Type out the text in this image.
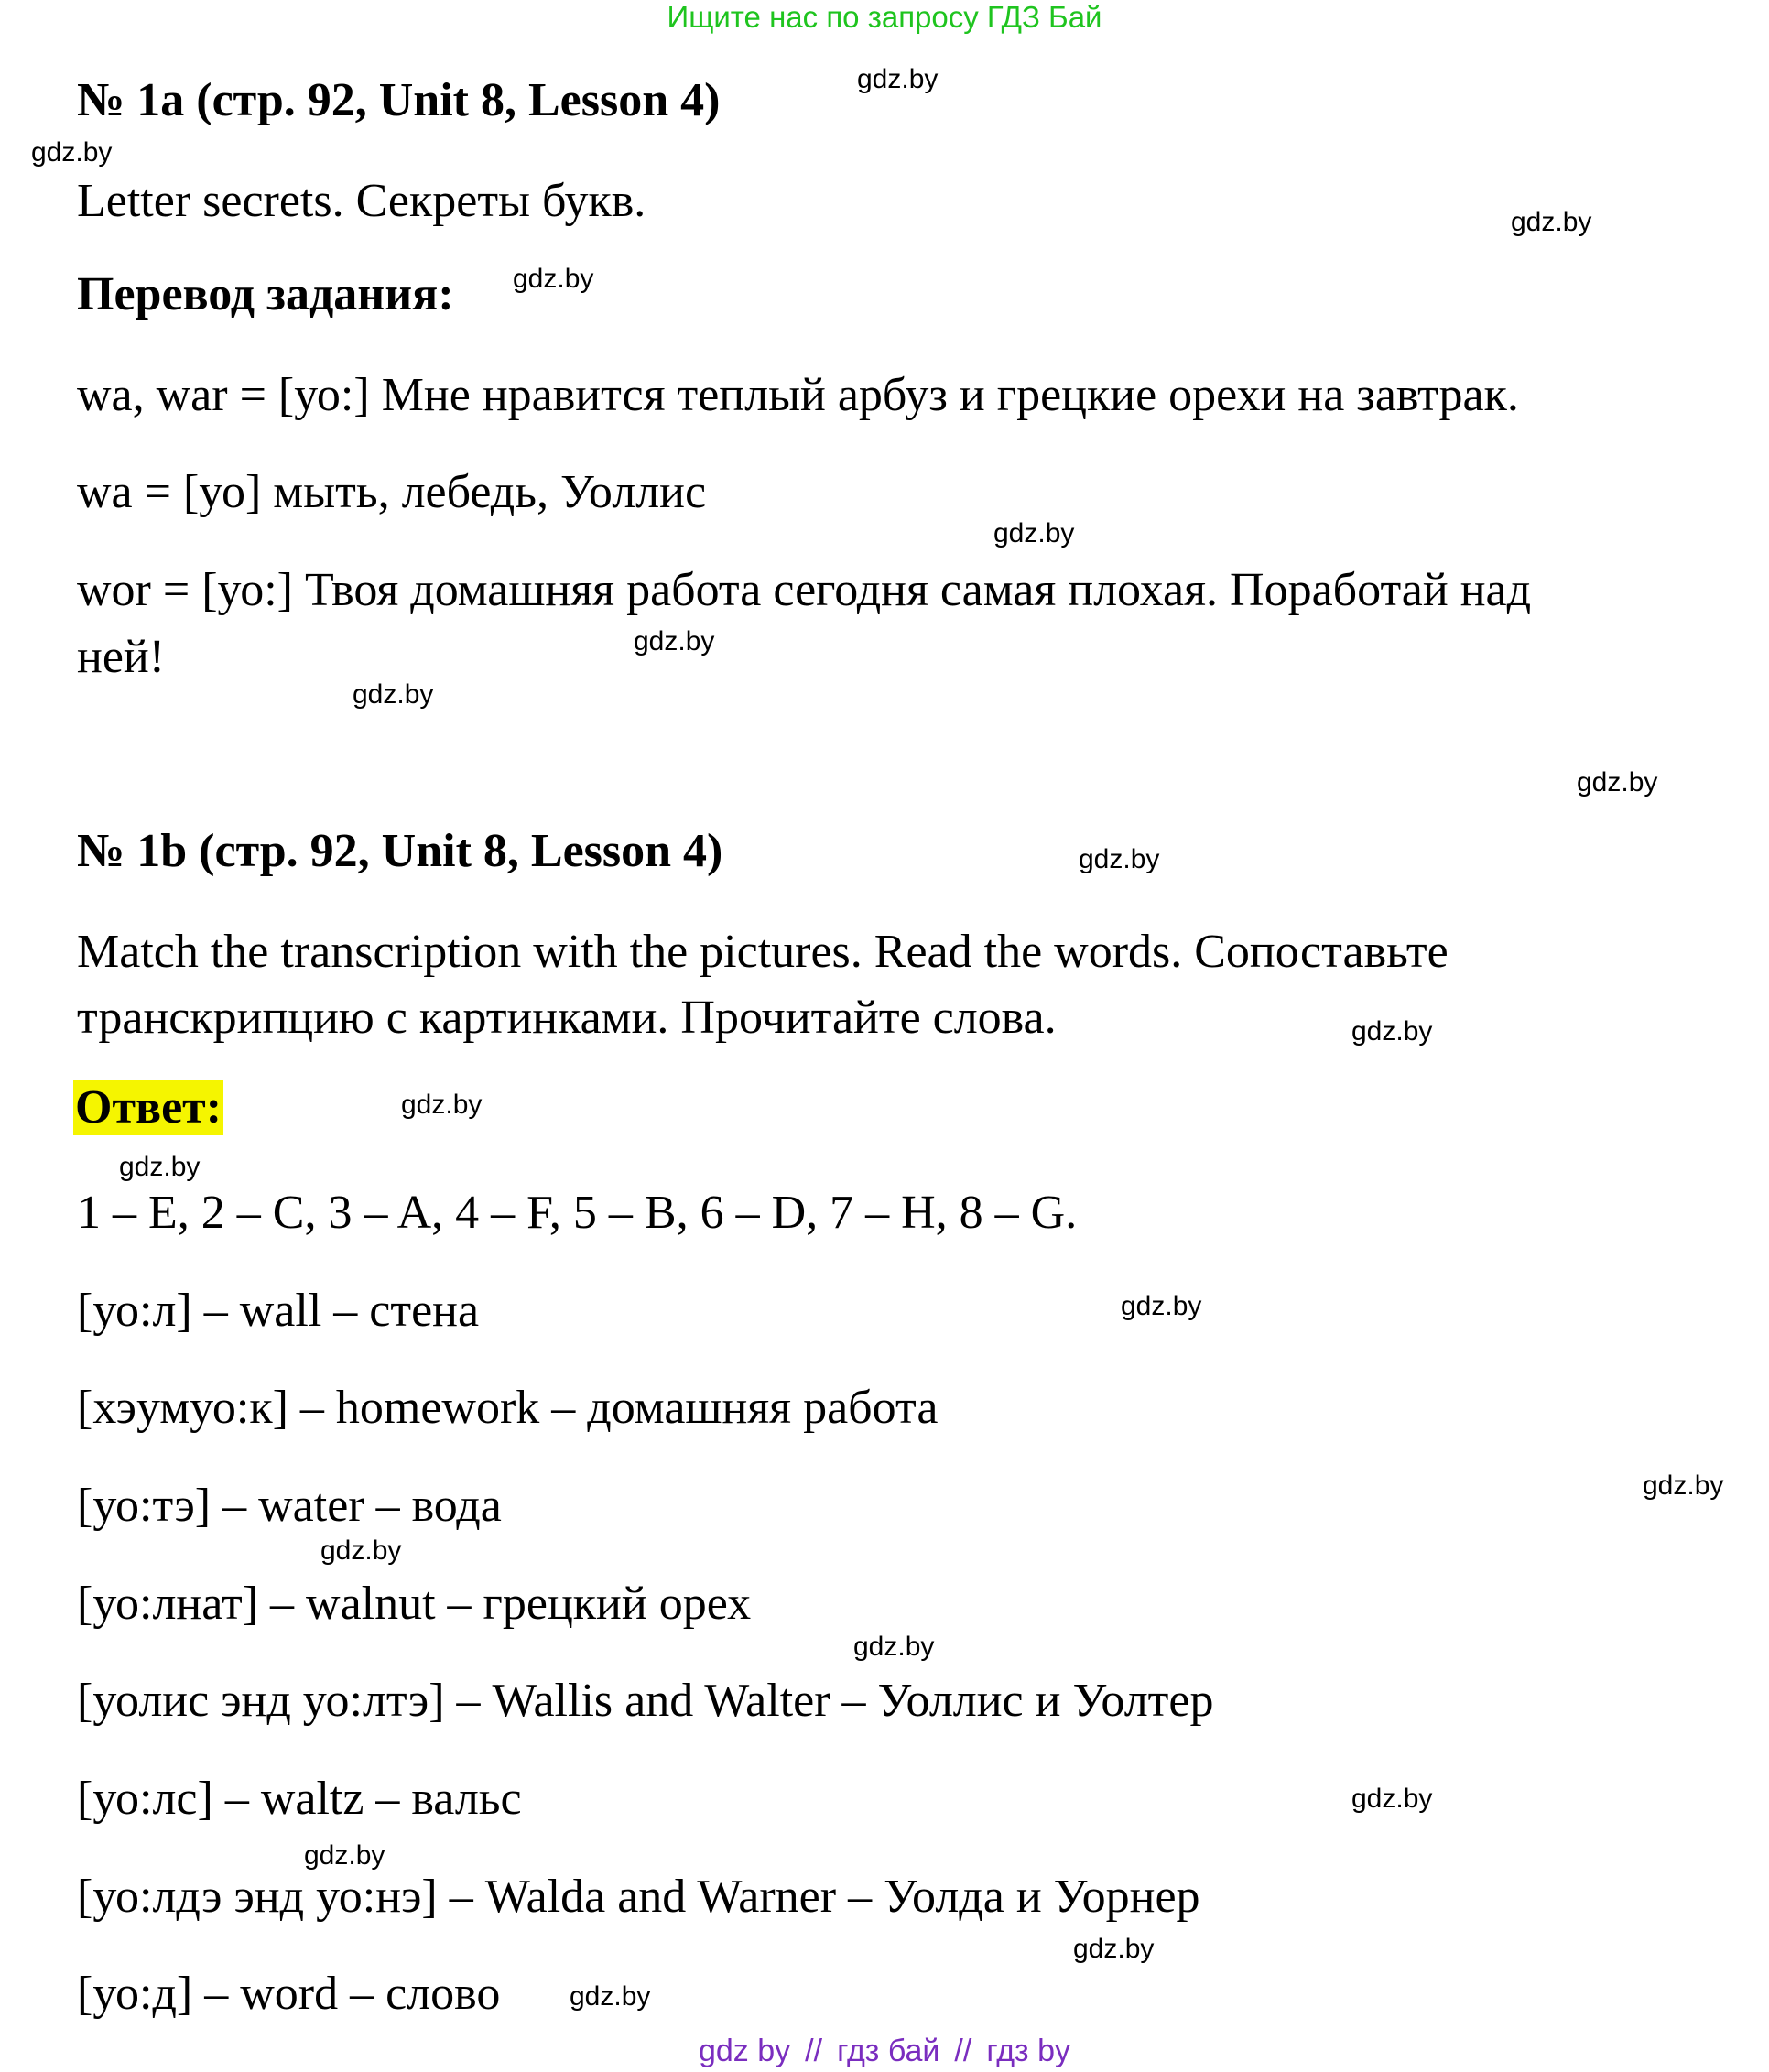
Ищите нас по запросу ГДЗ Бай
№ 1a (стр. 92, Unit 8, Lesson 4)
Letter secrets. Секреты букв.
Перевод задания:
wa, war = [уо:] Мне нравится теплый арбуз и грецкие орехи на завтрак.
wa = [уо] мыть, лебедь, Уоллис
wor = [уо:] Твоя домашняя работа сегодня самая плохая. Поработай над
ней!
№ 1b (стр. 92, Unit 8, Lesson 4)
Match the transcription with the pictures. Read the words. Сопоставьте
транскрипцию с картинками. Прочитайте слова.
Ответ:
1 – E, 2 – C, 3 – A, 4 – F, 5 – B, 6 – D, 7 – H, 8 – G.
[уо:л] – wall – стена
[хэумуо:к] – homework – домашняя работа
[уо:тэ] – water – вода
[уо:лнат] – walnut – грецкий орех
[уолис энд уо:лтэ] – Wallis and Walter – Уоллис и Уолтер
[уо:лс] – waltz – вальс
[уо:лдэ энд уо:нэ] – Walda and Warner – Уолда и Уорнер
[уо:д] – word – слово
gdz.by
gdz.by
gdz.by
gdz.by
gdz.by
gdz.by
gdz.by
gdz.by
gdz.by
gdz.by
gdz.by
gdz.by
gdz.by
gdz.by
gdz.by
gdz.by
gdz.by
gdz.by
gdz.by
gdz.by
gdz by // гдз бай // гдз by
